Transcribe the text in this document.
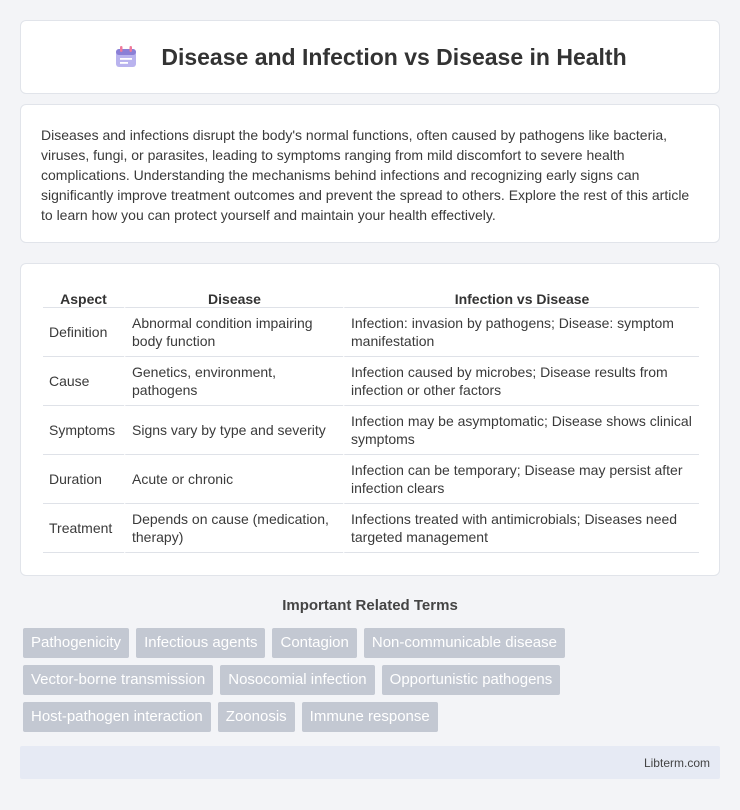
Disease and Infection vs Disease in Health

Diseases and infections disrupt the body's normal functions, often caused by pathogens like bacteria, viruses, fungi, or parasites, leading to symptoms ranging from mild discomfort to severe health complications. Understanding the mechanisms behind infections and recognizing early signs can significantly improve treatment outcomes and prevent the spread to others. Explore the rest of this article to learn how you can protect yourself and maintain your health effectively.

Aspect	Disease	Infection vs Disease
Definition	Abnormal condition impairing body function	Infection: invasion by pathogens; Disease: symptom manifestation
Cause	Genetics, environment, pathogens	Infection caused by microbes; Disease results from infection or other factors
Symptoms	Signs vary by type and severity	Infection may be asymptomatic; Disease shows clinical symptoms
Duration	Acute or chronic	Infection can be temporary; Disease may persist after infection clears
Treatment	Depends on cause (medication, therapy)	Infections treated with antimicrobials; Diseases need targeted management
Important Related Terms
Pathogenicity	Infectious agents	Contagion	Non-communicable disease
Vector-borne transmission	Nosocomial infection	Opportunistic pathogens
Host-pathogen interaction	Zoonosis	Immune response
Libterm.com
